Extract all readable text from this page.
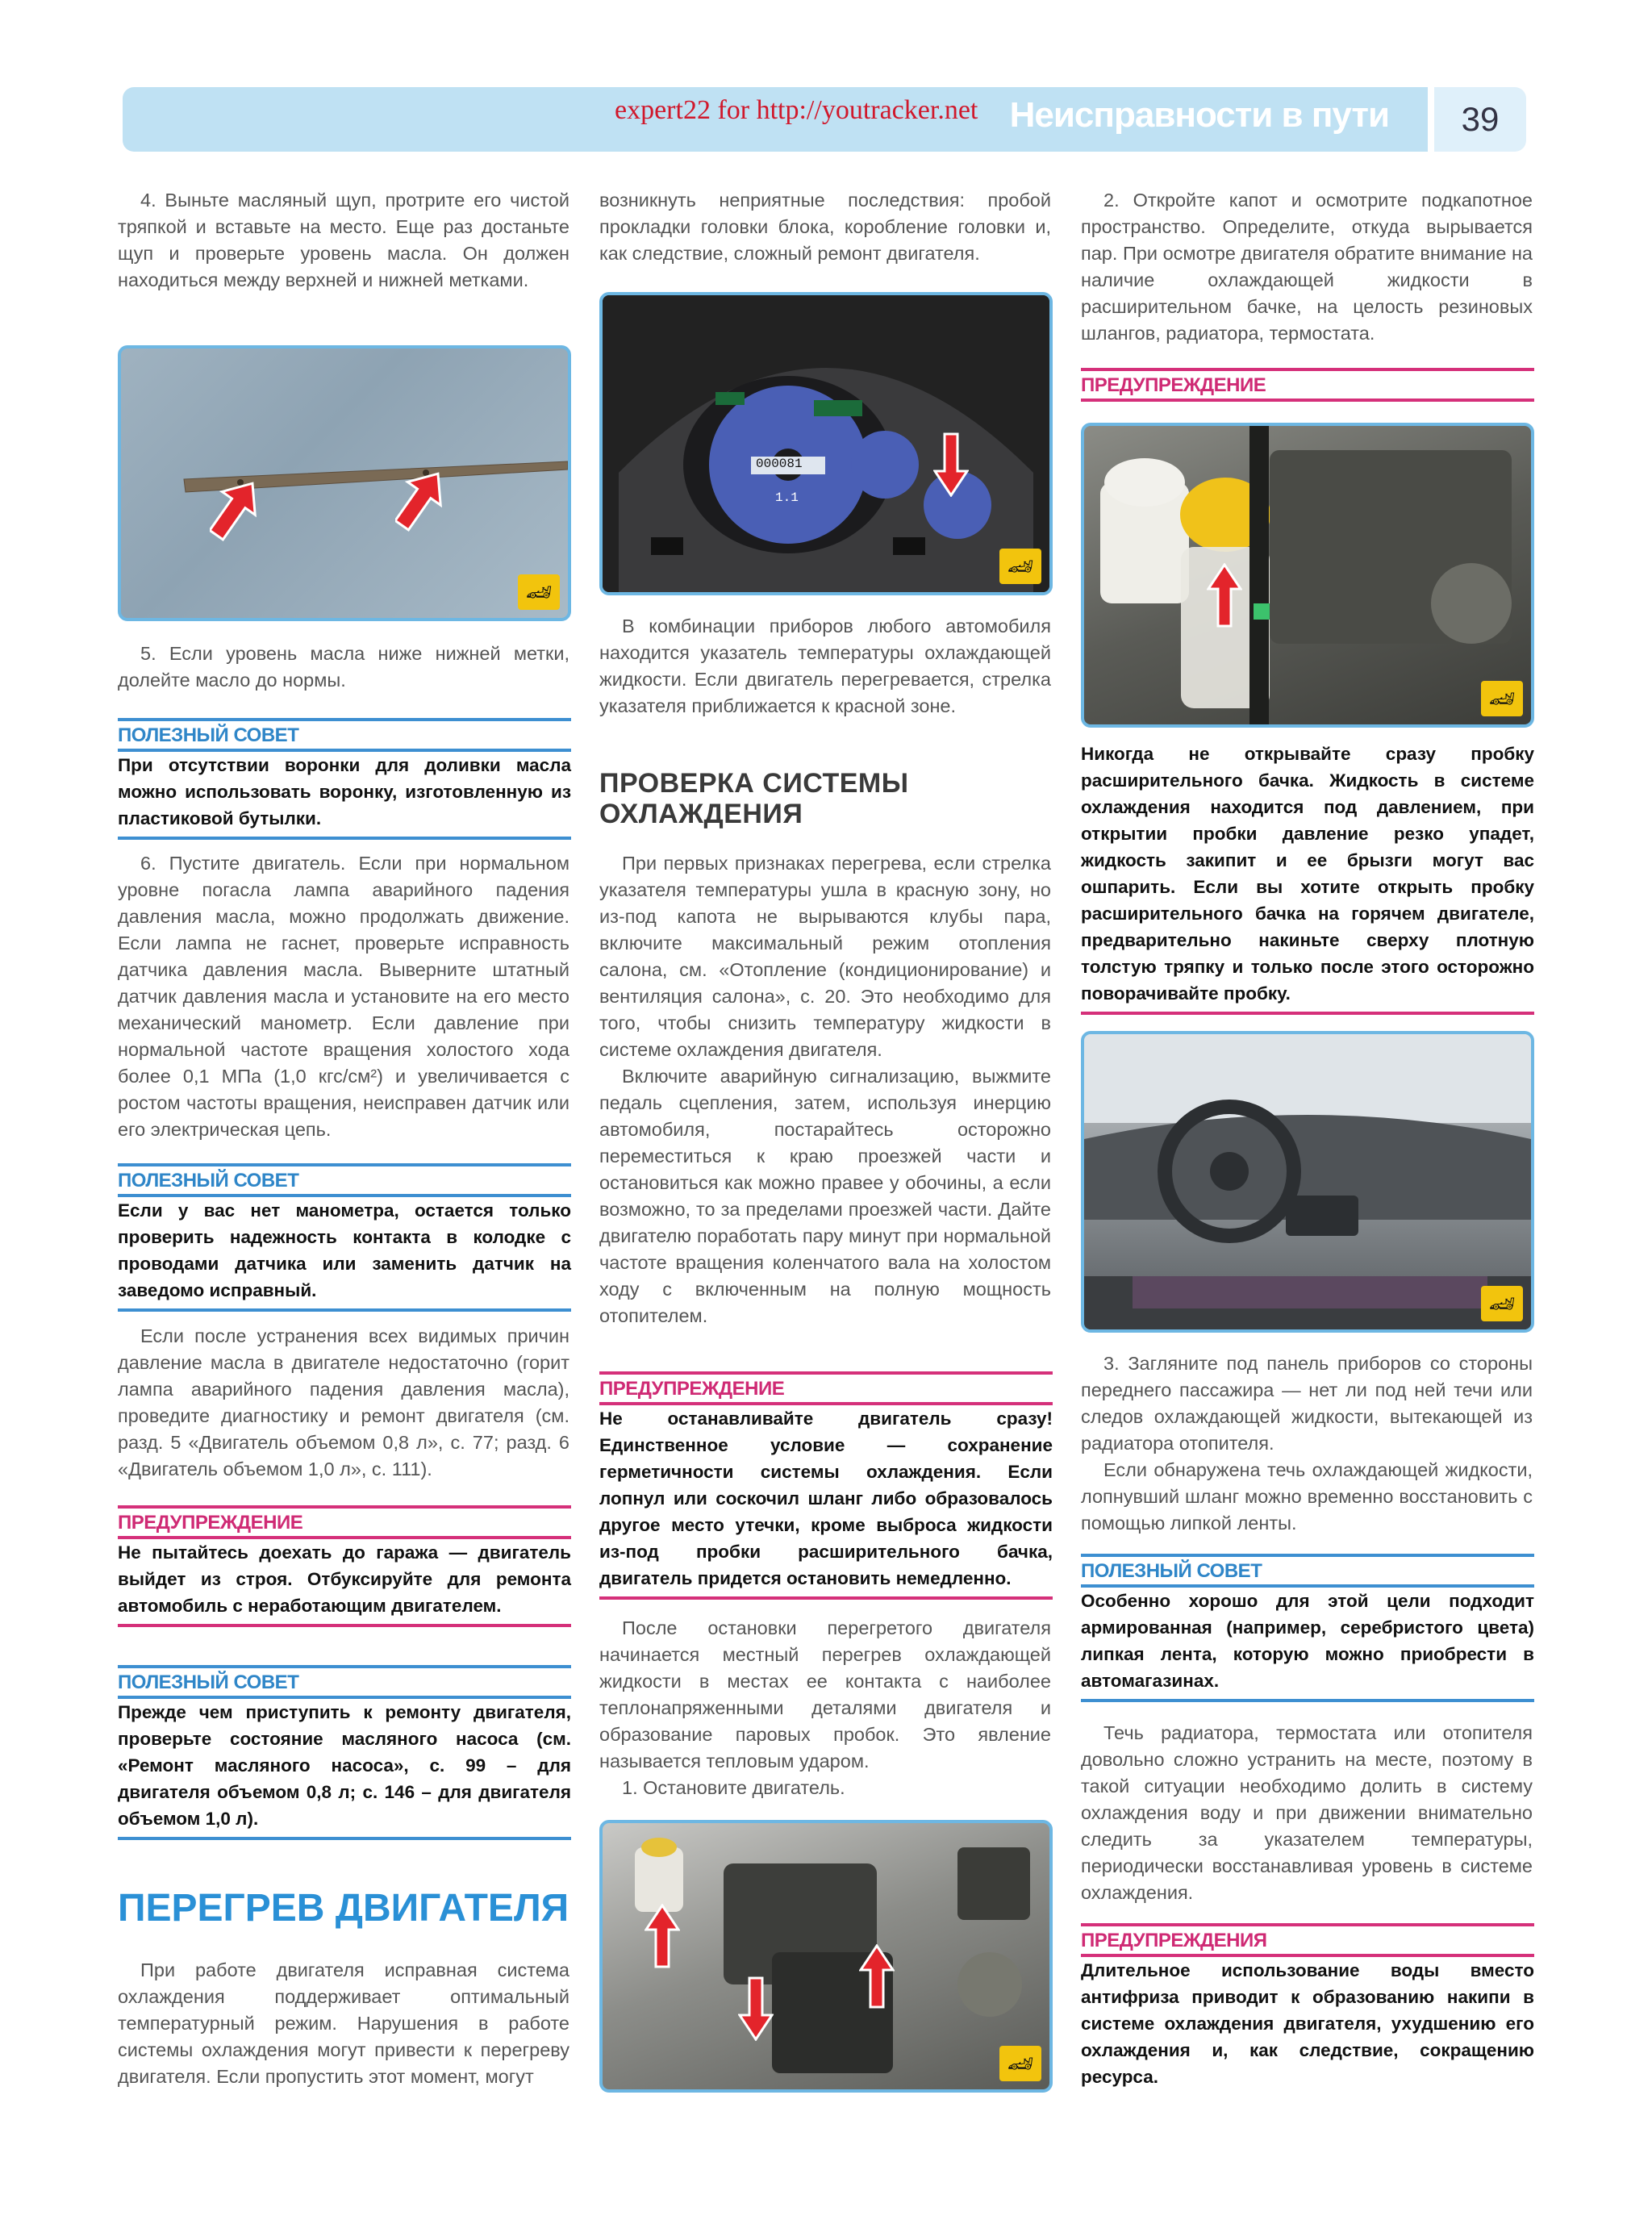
expert22 for http://youtracker.net Неисправности в пути	39

4. Выньте масляный щуп, протрите его чистой тряпкой и вставьте на место. Еще раз достаньте щуп и проверьте уровень масла. Он должен находиться между верхней и нижней метками.

🏎

5. Если уровень масла ниже нижней метки, долейте масло до нормы.

ПОЛЕЗНЫЙ СОВЕТ
При отсутствии воронки для доливки масла можно использовать воронку, изготовленную из пластиковой бутылки.

6. Пустите двигатель. Если при нормальном уровне погасла лампа аварийного падения давления масла, можно продолжать движение. Если лампа не гаснет, проверьте исправность датчика давления масла. Выверните штатный датчик давления масла и установите на его место механический манометр. Если давление при нормальной частоте вращения холостого хода более 0,1 МПа (1,0 кгс/см²) и увеличивается с ростом частоты вращения, неисправен датчик или его электрическая цепь.

ПОЛЕЗНЫЙ СОВЕТ
Если у вас нет манометра, остается только проверить надежность контакта в колодке с проводами датчика или заменить датчик на заведомо исправный.

Если после устранения всех видимых причин давление масла в двигателе недостаточно (горит лампа аварийного падения давления масла), проведите диагностику и ремонт двигателя (см. разд. 5 «Двигатель объемом 0,8 л», с. 77; разд. 6 «Двигатель объемом 1,0 л», с. 111).

ПРЕДУПРЕЖДЕНИЕ
Не пытайтесь доехать до гаража — двигатель выйдет из строя. Отбуксируйте для ремонта автомобиль с неработающим двигателем.
ПОЛЕЗНЫЙ СОВЕТ
Прежде чем приступить к ремонту двигателя, проверьте состояние масляного насоса (см. «Ремонт масляного насоса», с. 99 – для двигателя объемом 0,8 л; с. 146 – для двигателя объемом 1,0 л).
ПЕРЕГРЕВ ДВИГАТЕЛЯ

При работе двигателя исправная система охлаждения поддерживает оптимальный температурный режим. Нарушения в работе системы охлаждения могут привести к перегреву двигателя. Если пропустить этот момент, могут

возникнуть неприятные последствия: пробой прокладки головки блока, коробление головки и, как следствие, сложный ремонт двигателя.

000081
1.1
🏎

В комбинации приборов любого автомобиля находится указатель температуры охлаждающей жидкости. Если двигатель перегревается, стрелка указателя приближается к красной зоне.

ПРОВЕРКА СИСТЕМЫ ОХЛАЖДЕНИЯ

При первых признаках перегрева, если стрелка указателя температуры ушла в красную зону, но из-под капота не вырываются клубы пара, включите максимальный режим отопления салона, см. «Отопление (кондиционирование) и вентиляция салона», с. 20. Это необходимо для того, чтобы снизить температуру жидкости в системе охлаждения двигателя.

Включите аварийную сигнализацию, выжмите педаль сцепления, затем, используя инерцию автомобиля, постарайтесь осторожно переместиться к краю проезжей части и остановиться как можно правее у обочины, а если возможно, то за пределами проезжей части. Дайте двигателю поработать пару минут при нормальной частоте вращения коленчатого вала на холостом ходу с включенным на полную мощность отопителем.

ПРЕДУПРЕЖДЕНИЕ
Не останавливайте двигатель сразу! Единственное условие — сохранение герметичности системы охлаждения. Если лопнул или соскочил шланг либо образовалось другое место утечки, кроме выброса жидкости из-под пробки расширительного бачка, двигатель придется остановить немедленно.

После остановки перегретого двигателя начинается местный перегрев охлаждающей жидкости в местах ее контакта с наиболее теплонапряженными деталями двигателя и образование паровых пробок. Это явление называется тепловым ударом.

1. Остановите двигатель.

🏎

2. Откройте капот и осмотрите подкапотное пространство. Определите, откуда вырывается пар. При осмотре двигателя обратите внимание на наличие охлаждающей жидкости в расширительном бачке, на целость резиновых шлангов, радиатора, термостата.

ПРЕДУПРЕЖДЕНИЕ
🏎
Никогда не открывайте сразу пробку расширительного бачка. Жидкость в системе охлаждения находится под давлением, при открытии пробки давление резко упадет, жидкость закипит и ее брызги могут вас ошпарить. Если вы хотите открыть пробку расширительного бачка на горячем двигателе, предварительно накиньте сверху плотную толстую тряпку и только после этого осторожно поворачивайте пробку.
🏎

3. Загляните под панель приборов со стороны переднего пассажира — нет ли под ней течи или следов охлаждающей жидкости, вытекающей из радиатора отопителя.

Если обнаружена течь охлаждающей жидкости, лопнувший шланг можно временно восстановить с помощью липкой ленты.

ПОЛЕЗНЫЙ СОВЕТ
Особенно хорошо для этой цели подходит армированная (например, серебристого цвета) липкая лента, которую можно приобрести в автомагазинах.

Течь радиатора, термостата или отопителя довольно сложно устранить на месте, поэтому в такой ситуации необходимо долить в систему охлаждения воду и при движении внимательно следить за указателем температуры, периодически восстанавливая уровень в системе охлаждения.

ПРЕДУПРЕЖДЕНИЯ
Длительное использование воды вместо антифриза приводит к образованию накипи в системе охлаждения двигателя, ухудшению его охлаждения и, как следствие, сокращению ресурса.
